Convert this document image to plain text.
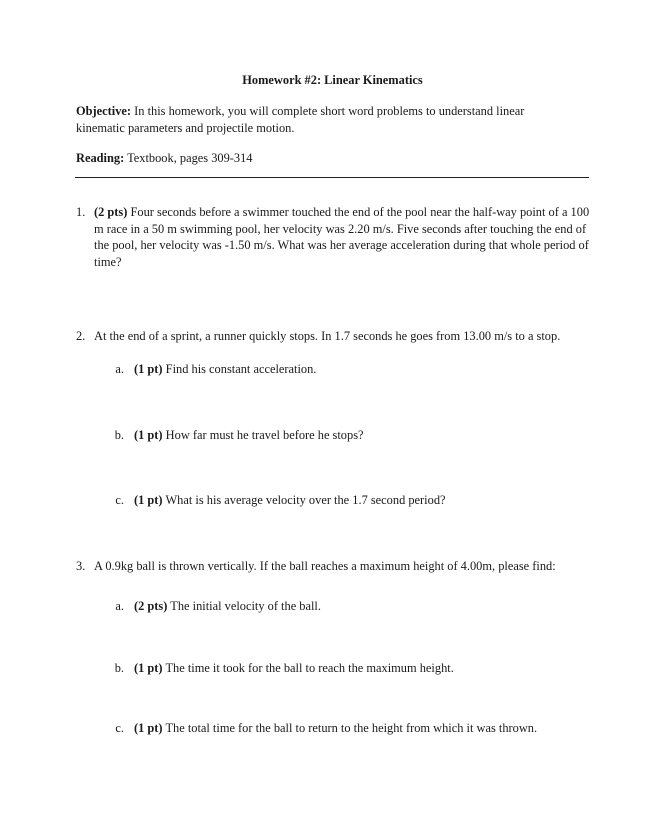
Homework #2: Linear Kinematics

Objective: In this homework, you will complete short word problems to understand linear kinematic parameters and projectile motion.

Reading: Textbook, pages 309-314

1. (2 pts) Four seconds before a swimmer touched the end of the pool near the half-way point of a 100 m race in a 50 m swimming pool, her velocity was 2.20 m/s. Five seconds after touching the end of the pool, her velocity was -1.50 m/s. What was her average acceleration during that whole period of time?

2. At the end of a sprint, a runner quickly stops. In 1.7 seconds he goes from 13.00 m/s to a stop.

a. (1 pt) Find his constant acceleration.

b. (1 pt) How far must he travel before he stops?

c. (1 pt) What is his average velocity over the 1.7 second period?

3. A 0.9kg ball is thrown vertically. If the ball reaches a maximum height of 4.00m, please find:

a. (2 pts) The initial velocity of the ball.

b. (1 pt) The time it took for the ball to reach the maximum height.

c. (1 pt) The total time for the ball to return to the height from which it was thrown.
